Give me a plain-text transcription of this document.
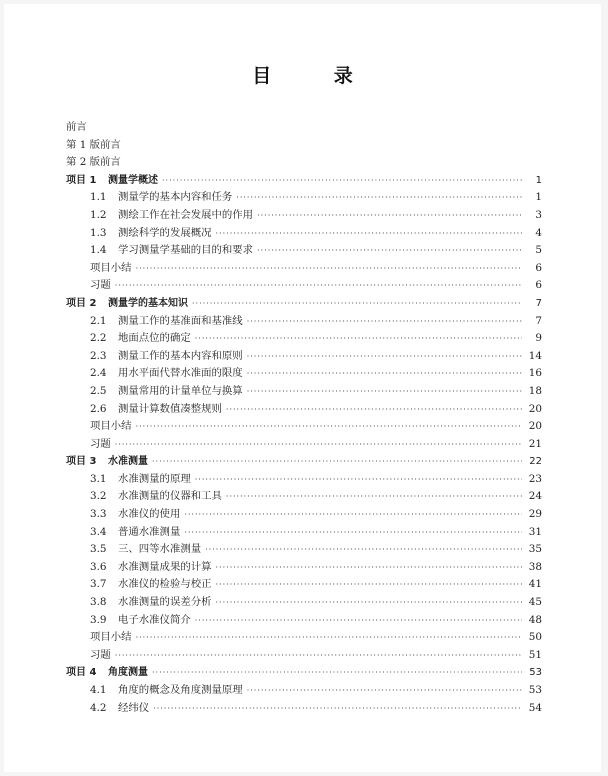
目 录
前言
第 1 版前言
第 2 版前言
项目 1	测量学概述 ·····	1
1.1	测量学的基本内容和任务 ·····	1
1.2	测绘工作在社会发展中的作用 ·····	3
1.3	测绘科学的发展概况 ·····	4
1.4	学习测量学基础的目的和要求 ·····	5
项目小结 ·····	6
习题 ·····	6
项目 2	测量学的基本知识 ·····	7
2.1	测量工作的基准面和基准线 ·····	7
2.2	地面点位的确定 ·····	9
2.3	测量工作的基本内容和原则 ·····	14
2.4	用水平面代替水准面的限度 ·····	16
2.5	测量常用的计量单位与换算 ·····	18
2.6	测量计算数值凑整规则 ·····	20
项目小结 ·····	20
习题 ·····	21
项目 3	水准测量 ·····	22
3.1	水准测量的原理 ·····	23
3.2	水准测量的仪器和工具 ·····	24
3.3	水准仪的使用 ·····	29
3.4	普通水准测量 ·····	31
3.5	三、四等水准测量 ·····	35
3.6	水准测量成果的计算 ·····	38
3.7	水准仪的检验与校正 ·····	41
3.8	水准测量的误差分析 ·····	45
3.9	电子水准仪简介 ·····	48
项目小结 ·····	50
习题 ·····	51
项目 4	角度测量 ·····	53
4.1	角度的概念及角度测量原理 ·····	53
4.2	经纬仪 ·····	54
